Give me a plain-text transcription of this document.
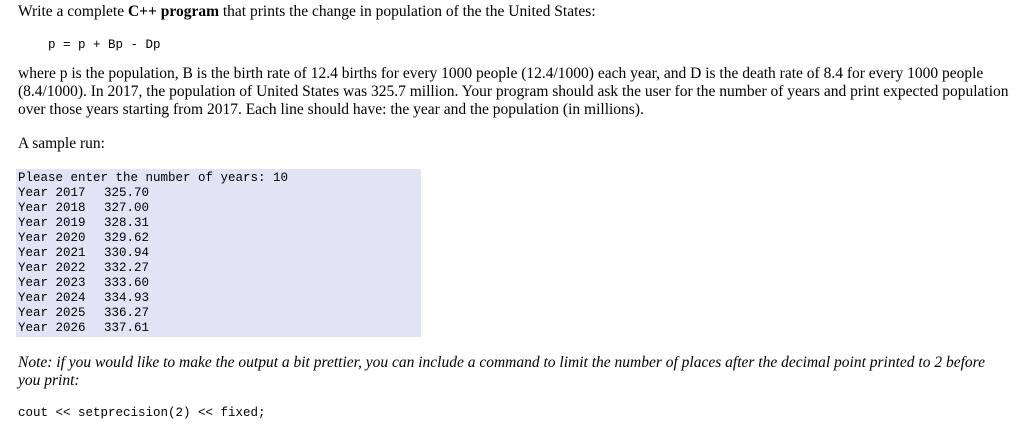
Write a complete C++ program that prints the change in population of the the United States:
p = p + Bp - Dp

where p is the population, B is the birth rate of 12.4 births for every 1000 people (12.4/1000) each year, and D is the death rate of 8.4 for every 1000 people (8.4/1000). In 2017, the population of United States was 325.7 million. Your program should ask the user for the number of years and print expected population over those years starting from 2017. Each line should have: the year and the population (in millions).

A sample run:

Please enter the number of years: 10
Year 2017 325.70
Year 2018 327.00
Year 2019 328.31
Year 2020 329.62
Year 2021 330.94
Year 2022 332.27
Year 2023 333.60
Year 2024 334.93
Year 2025 336.27
Year 2026 337.61

Note: if you would like to make the output a bit prettier, you can include a command to limit the number of places after the decimal point printed to 2 before you print:

cout << setprecision(2) << fixed;
